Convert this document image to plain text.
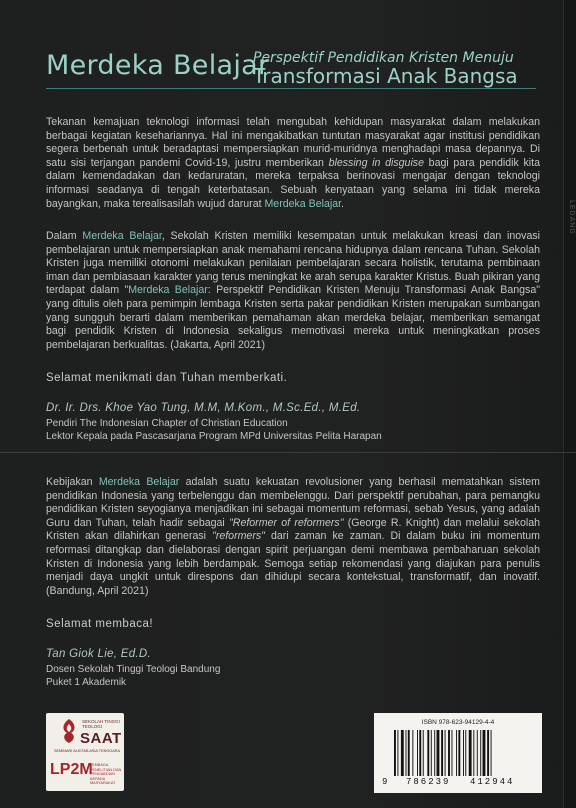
LEDANG
Merdeka Belajar
Perspektif Pendidikan Kristen Menuju
Transformasi Anak Bangsa

Tekanan kemajuan teknologi informasi telah mengubah kehidupan masyarakat dalam melakukan berbagai kegiatan kesehariannya. Hal ini mengakibatkan tuntutan masyarakat agar institusi pendidikan segera berbenah untuk beradaptasi mempersiapkan murid-muridnya menghadapi masa depannya. Di satu sisi terjangan pandemi Covid-19, justru memberikan blessing in disguise bagi para pendidik kita dalam kemendadakan dan kedaruratan, mereka terpaksa berinovasi mengajar dengan teknologi informasi seadanya di tengah keterbatasan. Sebuah kenyataan yang selama ini tidak mereka bayangkan, maka terealisasilah wujud darurat Merdeka Belajar.

Dalam Merdeka Belajar, Sekolah Kristen memiliki kesempatan untuk melakukan kreasi dan inovasi pembelajaran untuk mempersiapkan anak memahami rencana hidupnya dalam rencana Tuhan. Sekolah Kristen juga memiliki otonomi melakukan penilaian pembelajaran secara holistik, terutama pembinaan iman dan pembiasaan karakter yang terus meningkat ke arah serupa karakter Kristus. Buah pikiran yang terdapat dalam "Merdeka Belajar: Perspektif Pendidikan Kristen Menuju Transformasi Anak Bangsa" yang ditulis oleh para pemimpin lembaga Kristen serta pakar pendidikan Kristen merupakan sumbangan yang sungguh berarti dalam memberikan pemahaman akan merdeka belajar, memberikan semangat bagi pendidik Kristen di Indonesia sekaligus memotivasi mereka untuk meningkatkan proses pembelajaran berkualitas. (Jakarta, April 2021)

Selamat menikmati dan Tuhan memberkati.

Dr. Ir. Drs. Khoe Yao Tung, M.M, M.Kom., M.Sc.Ed., M.Ed.

Pendiri The Indonesian Chapter of Christian Education

Lektor Kepala pada Pascasarjana Program MPd Universitas Pelita Harapan

Kebijakan Merdeka Belajar adalah suatu kekuatan revolusioner yang berhasil mematahkan sistem pendidikan Indonesia yang terbelenggu dan membelenggu. Dari perspektif perubahan, para pemangku pendidikan Kristen seyogianya menjadikan ini sebagai momentum reformasi, sebab Yesus, yang adalah Guru dan Tuhan, telah hadir sebagai "Reformer of reformers" (George R. Knight) dan melalui sekolah Kristen akan dilahirkan generasi "reformers" dari zaman ke zaman. Di dalam buku ini momentum reformasi ditangkap dan dielaborasi dengan spirit perjuangan demi membawa pembaharuan sekolah Kristen di Indonesia yang lebih berdampak. Semoga setiap rekomendasi yang diajukan para penulis menjadi daya ungkit untuk direspons dan dihidupi secara kontekstual, transformatif, dan inovatif. (Bandung, April 2021)

Selamat membaca!

Tan Giok Lie, Ed.D.

Dosen Sekolah Tinggi Teologi Bandung

Puket 1 Akademik

SEKOLAH TINGGI TEOLOGI
SAAT
SEMINARI ALKITAB ASIA TENGGARA
LP2M
LEMBAGA PENELITIAN DAN PENGABDIAN KEPADA MASYARAKAT
ISBN 978-623-94129-4-4
9 786239 412944
